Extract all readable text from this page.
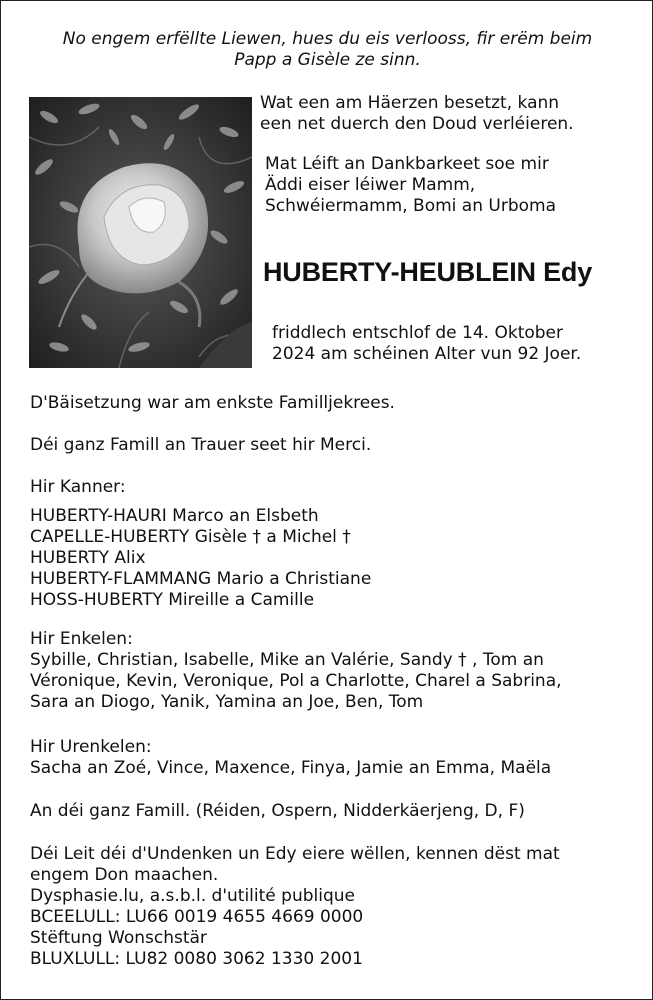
No engem erfëllte Liewen, hues du eis verlooss, fir erëm beim
Papp a Gisèle ze sinn.
Wat een am Häerzen besetzt, kann
een net duerch den Doud verléieren.
Mat Léift an Dankbarkeet soe mir
Äddi eiser léiwer Mamm,
Schwéiermamm, Bomi an Urboma
HUBERTY-HEUBLEIN Edy
friddlech entschlof de 14. Oktober
2024 am schéinen Alter vun 92 Joer.
D'Bäisetzung war am enkste Familljekrees.
Déi ganz Famill an Trauer seet hir Merci.
Hir Kanner:
HUBERTY-HAURI Marco an Elsbeth
CAPELLE-HUBERTY Gisèle † a Michel †
HUBERTY Alix
HUBERTY-FLAMMANG Mario a Christiane
HOSS-HUBERTY Mireille a Camille
Hir Enkelen:
Sybille, Christian, Isabelle, Mike an Valérie, Sandy † , Tom an
Véronique, Kevin, Veronique, Pol a Charlotte, Charel a Sabrina,
Sara an Diogo, Yanik, Yamina an Joe, Ben, Tom
Hir Urenkelen:
Sacha an Zoé, Vince, Maxence, Finya, Jamie an Emma, Maëla
An déi ganz Famill. (Réiden, Ospern, Nidderkäerjeng, D, F)
Déi Leit déi d'Undenken un Edy eiere wëllen, kennen dëst mat
engem Don maachen.
Dysphasie.lu, a.s.b.l. d'utilité publique
BCEELULL: LU66 0019 4655 4669 0000
Stëftung Wonschstär
BLUXLULL: LU82 0080 3062 1330 2001
